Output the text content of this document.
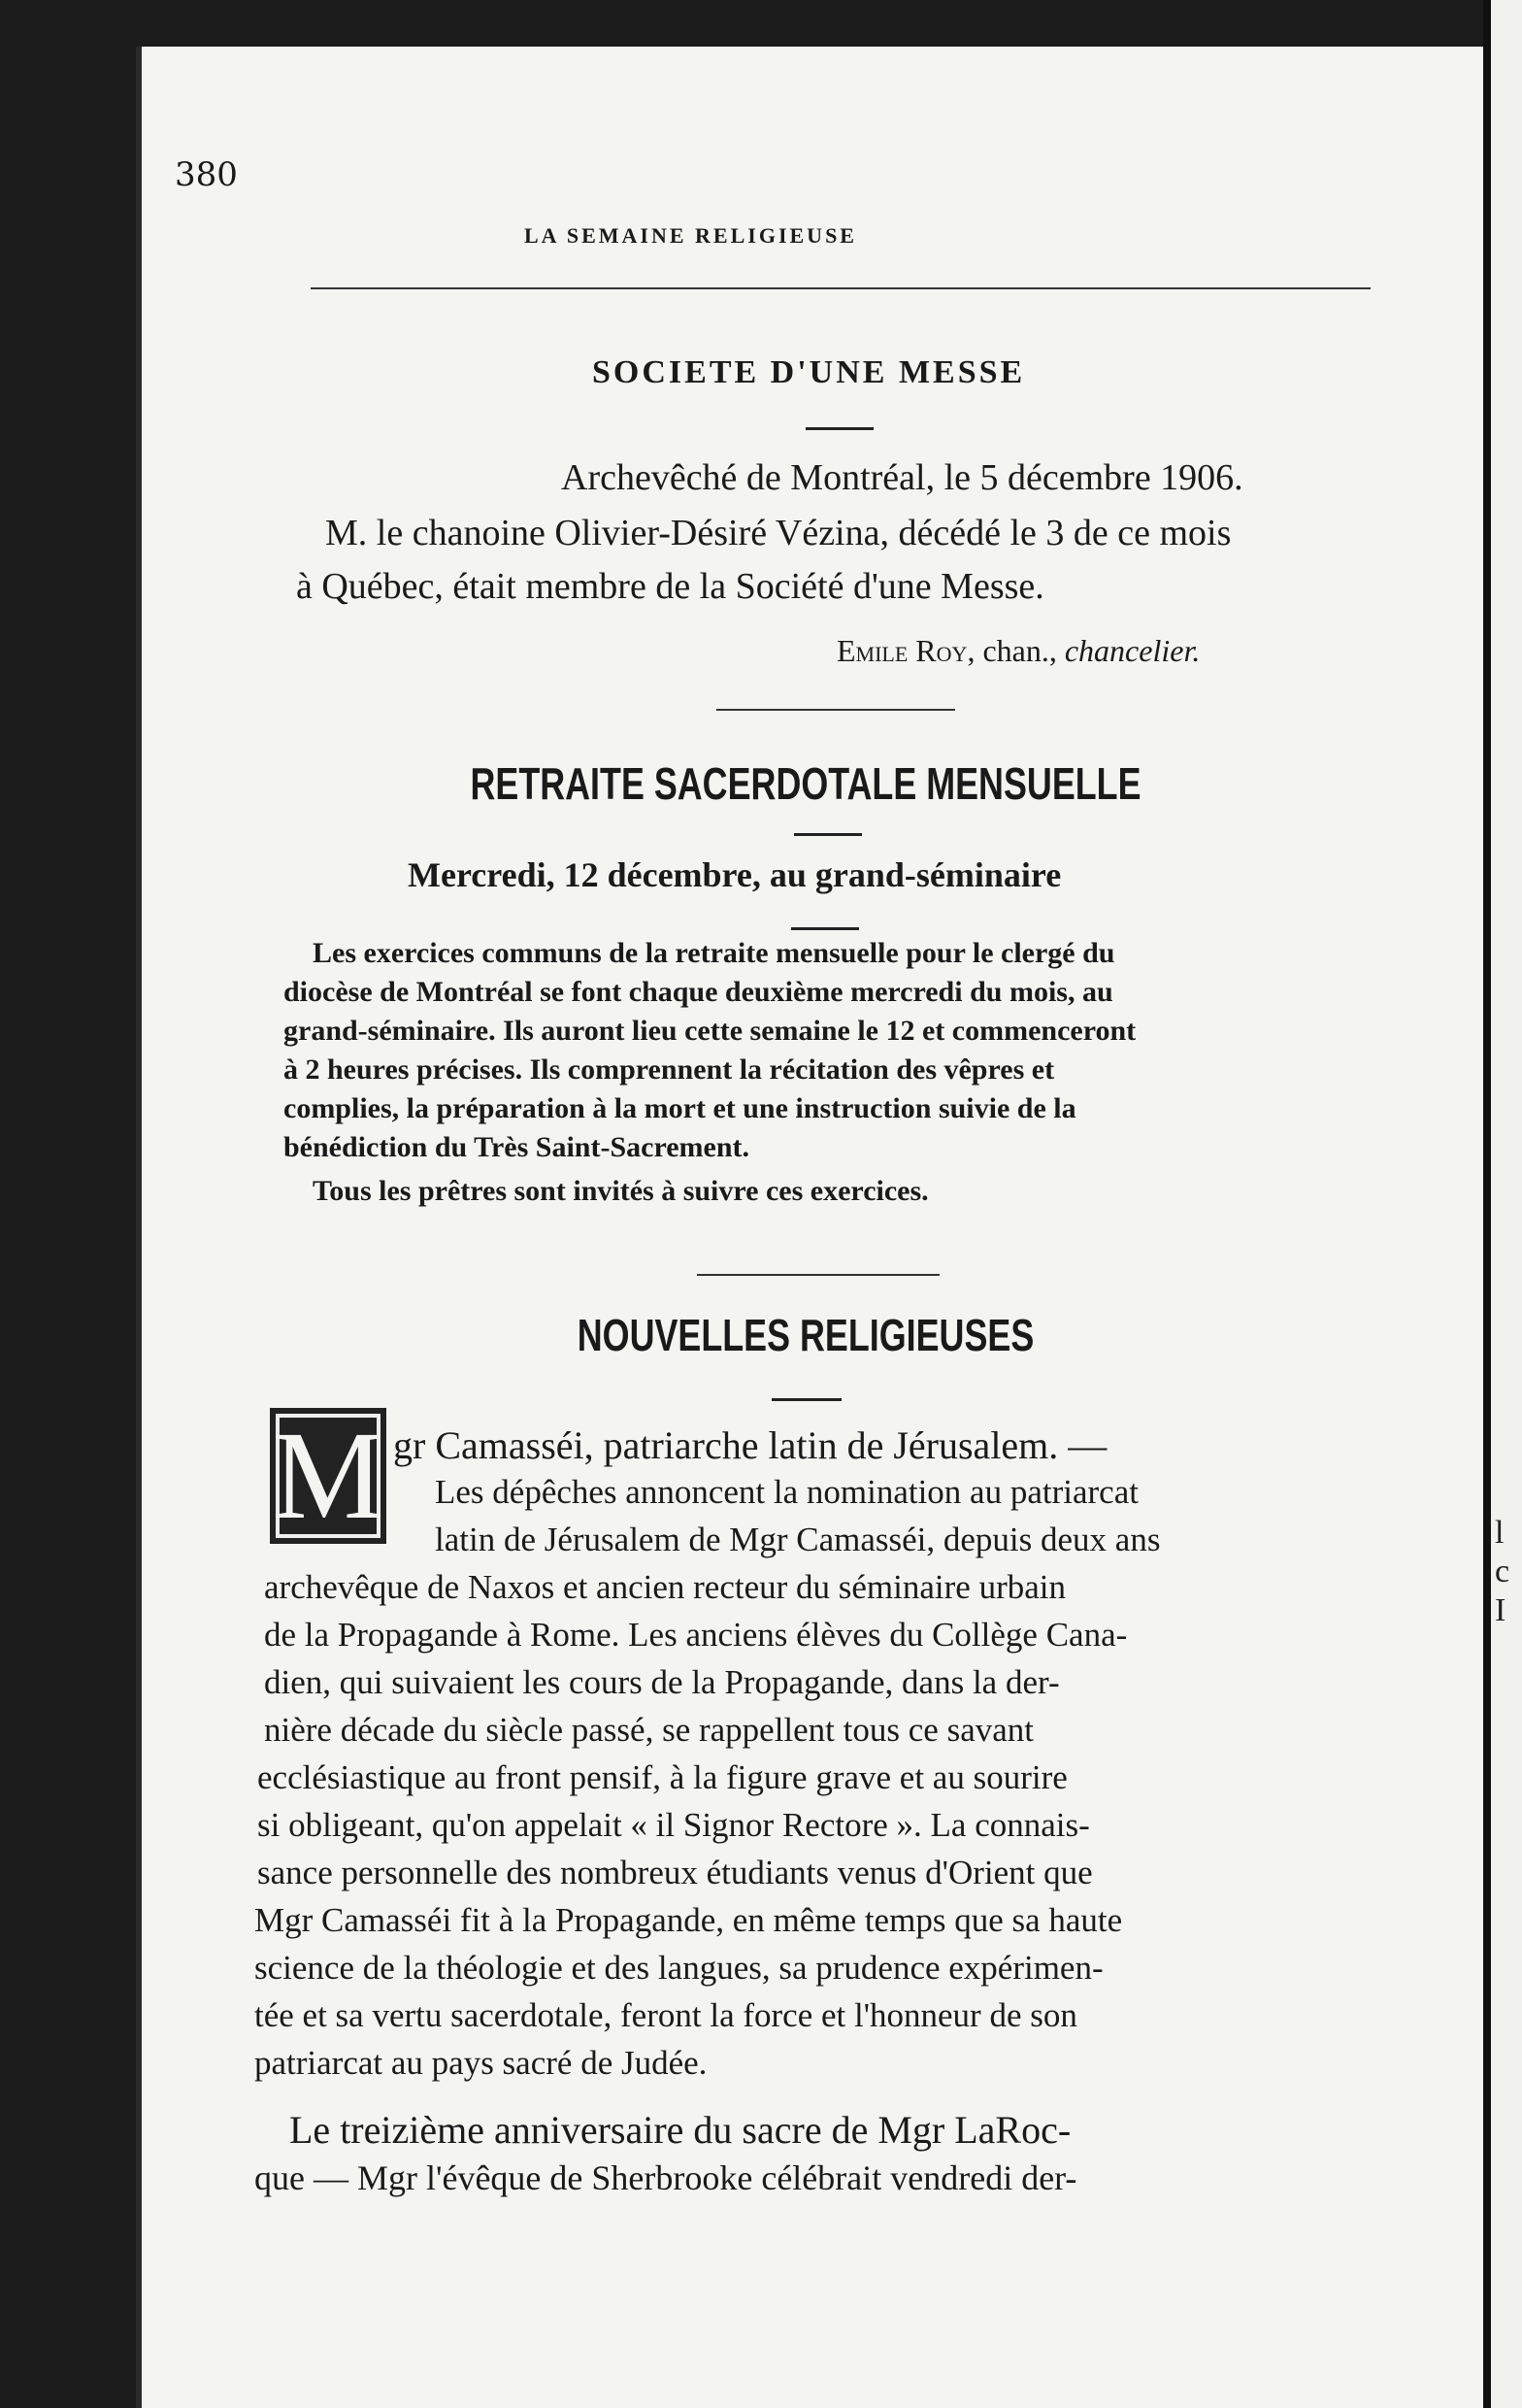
l
c
I
380
LA SEMAINE RELIGIEUSE
SOCIETE D'UNE MESSE
Archevêché de Montréal, le 5 décembre 1906.
M. le chanoine Olivier-Désiré Vézina, décédé le 3 de ce mois
à Québec, était membre de la Société d'une Messe.
Emile Roy, chan., chancelier.
RETRAITE SACERDOTALE MENSUELLE
Mercredi, 12 décembre, au grand-séminaire
Les exercices communs de la retraite mensuelle pour le clergé du
diocèse de Montréal se font chaque deuxième mercredi du mois, au
grand-séminaire. Ils auront lieu cette semaine le 12 et commenceront
à 2 heures précises. Ils comprennent la récitation des vêpres et
complies, la préparation à la mort et une instruction suivie de la
bénédiction du Très Saint-Sacrement.
Tous les prêtres sont invités à suivre ces exercices.
NOUVELLES RELIGIEUSES
M gr Camasséi, patriarche latin de Jérusalem. —
Les dépêches annoncent la nomination au patriarcat
latin de Jérusalem de Mgr Camasséi, depuis deux ans
archevêque de Naxos et ancien recteur du séminaire urbain
de la Propagande à Rome. Les anciens élèves du Collège Cana-
dien, qui suivaient les cours de la Propagande, dans la der-
nière décade du siècle passé, se rappellent tous ce savant
ecclésiastique au front pensif, à la figure grave et au sourire
si obligeant, qu'on appelait « il Signor Rectore ». La connais-
sance personnelle des nombreux étudiants venus d'Orient que
Mgr Camasséi fit à la Propagande, en même temps que sa haute
science de la théologie et des langues, sa prudence expérimen-
tée et sa vertu sacerdotale, feront la force et l'honneur de son
patriarcat au pays sacré de Judée.
Le treizième anniversaire du sacre de Mgr LaRoc-
que — Mgr l'évêque de Sherbrooke célébrait vendredi der-
